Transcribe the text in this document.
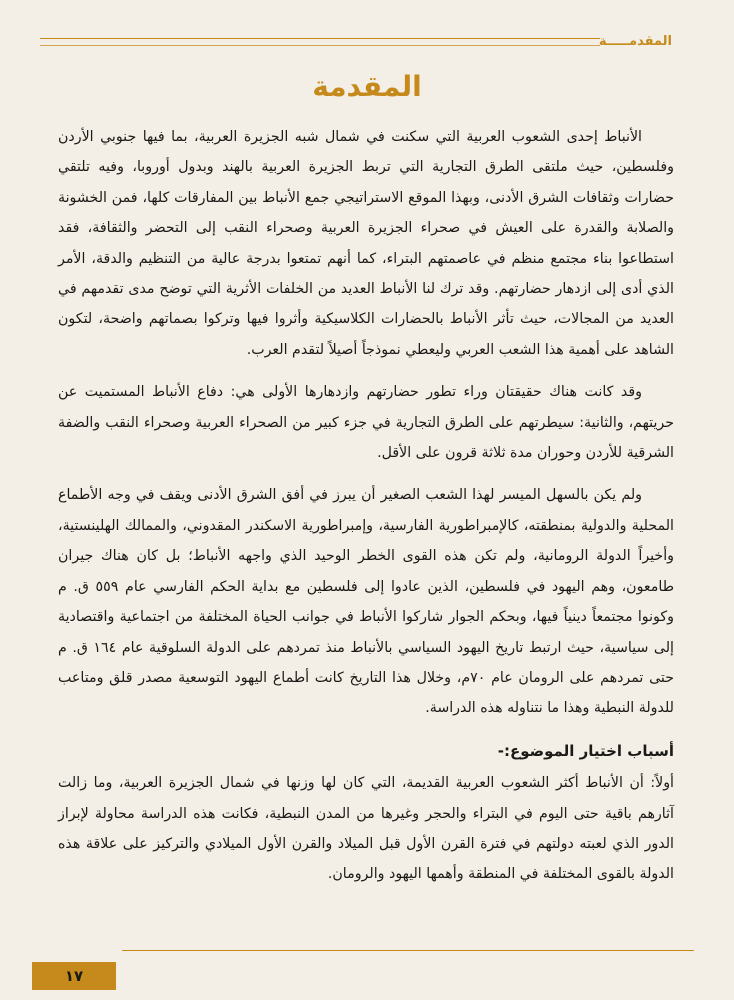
المقدمـــــة
المقدمة

الأنباط إحدى الشعوب العربية التي سكنت في شمال شبه الجزيرة العربية، بما فيها جنوبي الأردن وفلسطين، حيث ملتقى الطرق التجارية التي تربط الجزيرة العربية بالهند وبدول أوروبا، وفيه تلتقي حضارات وثقافات الشرق الأدنى، وبهذا الموقع الاستراتيجي جمع الأنباط بين المفارقات كلها، فمن الخشونة والصلابة والقدرة على العيش في صحراء الجزيرة العربية وصحراء النقب إلى التحضر والثقافة، فقد استطاعوا بناء مجتمع منظم في عاصمتهم البتراء، كما أنهم تمتعوا بدرجة عالية من التنظيم والدقة، الأمر الذي أدى إلى ازدهار حضارتهم. وقد ترك لنا الأنباط العديد من الخلفات الأثرية التي توضح مدى تقدمهم في العديد من المجالات، حيث تأثر الأنباط بالحضارات الكلاسيكية وأثروا فيها وتركوا بصماتهم واضحة، لتكون الشاهد على أهمية هذا الشعب العربي وليعطي نموذجاً أصيلاً لتقدم العرب.

وقد كانت هناك حقيقتان وراء تطور حضارتهم وازدهارها الأولى هي: دفاع الأنباط المستميت عن حريتهم، والثانية: سيطرتهم على الطرق التجارية في جزء كبير من الصحراء العربية وصحراء النقب والضفة الشرقية للأردن وحوران مدة ثلاثة قرون على الأقل.

ولم يكن بالسهل الميسر لهذا الشعب الصغير أن يبرز في أفق الشرق الأدنى ويقف في وجه الأطماع المحلية والدولية بمنطقته، كالإمبراطورية الفارسية، وإمبراطورية الاسكندر المقدوني، والممالك الهلينستية، وأخيراً الدولة الرومانية، ولم تكن هذه القوى الخطر الوحيد الذي واجهه الأنباط؛ بل كان هناك جيران طامعون، وهم اليهود في فلسطين، الذين عادوا إلى فلسطين مع بداية الحكم الفارسي عام ٥٥٩ ق. م وكونوا مجتمعاً دينياً فيها، وبحكم الجوار شاركوا الأنباط في جوانب الحياة المختلفة من اجتماعية واقتصادية إلى سياسية، حيث ارتبط تاريخ اليهود السياسي بالأنباط منذ تمردهم على الدولة السلوقية عام ١٦٤ ق. م حتى تمردهم على الرومان عام ٧٠م، وخلال هذا التاريخ كانت أطماع اليهود التوسعية مصدر قلق ومتاعب للدولة النبطية وهذا ما نتناوله هذه الدراسة.

أسباب اختيار الموضوع:-

أولاً: أن الأنباط أكثر الشعوب العربية القديمة، التي كان لها وزنها في شمال الجزيرة العربية، وما زالت آثارهم باقية حتى اليوم في البتراء والحجر وغيرها من المدن النبطية، فكانت هذه الدراسة محاولة لإبراز الدور الذي لعبته دولتهم في فترة القرن الأول قبل الميلاد والقرن الأول الميلادي والتركيز على علاقة هذه الدولة بالقوى المختلفة في المنطقة وأهمها اليهود والرومان.

١٧
